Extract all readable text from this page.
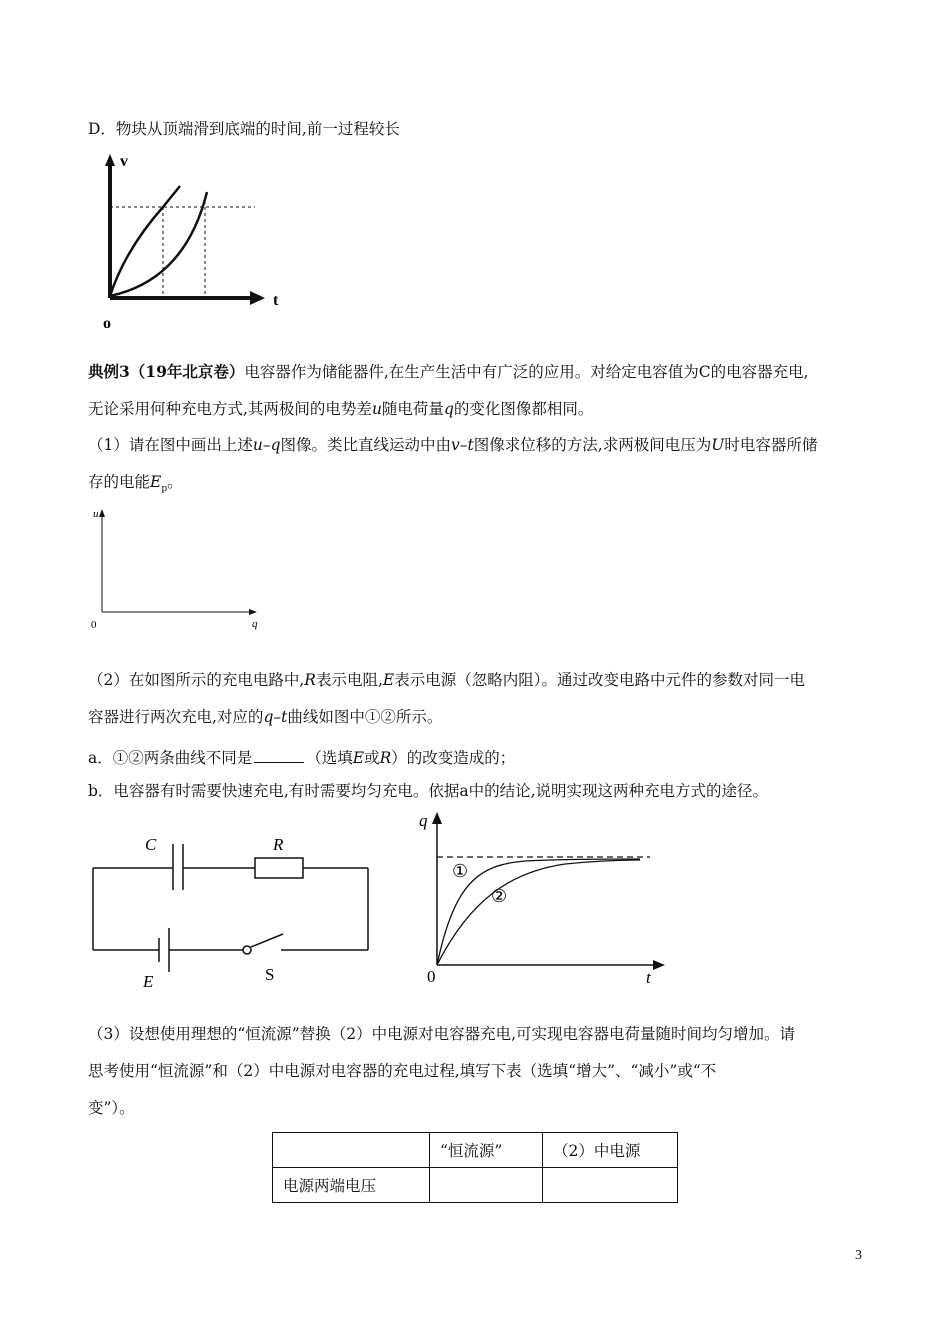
D．物块从顶端滑到底端的时间,前一过程较长
v
t
o
典例3（19年北京卷）电容器作为储能器件,在生产生活中有广泛的应用。对给定电容值为C的电容器充电,
无论采用何种充电方式,其两极间的电势差u随电荷量q的变化图像都相同。
（1）请在图中画出上述u–q图像。类比直线运动中由v–t图像求位移的方法,求两极间电压为U时电容器所储
存的电能$E_p$。
u
q
0
（2）在如图所示的充电电路中,R表示电阻,E表示电源（忽略内阻）。通过改变电路中元件的参数对同一电
容器进行两次充电,对应的q–t曲线如图中①②所示。
a．①②两条曲线不同是	（选填E或R）的改变造成的；
b．电容器有时需要快速充电,有时需要均匀充电。依据a中的结论,说明实现这两种充电方式的途径。
C	R
E	S
q
t
0
①
②
（3）设想使用理想的“恒流源”替换（2）中电源对电容器充电,可实现电容器电荷量随时间均匀增加。请
思考使用“恒流源”和（2）中电源对电容器的充电过程,填写下表（选填“增大”、“减小”或“不
变”）。
	“恒流源”	（2）中电源
电源两端电压		
3
